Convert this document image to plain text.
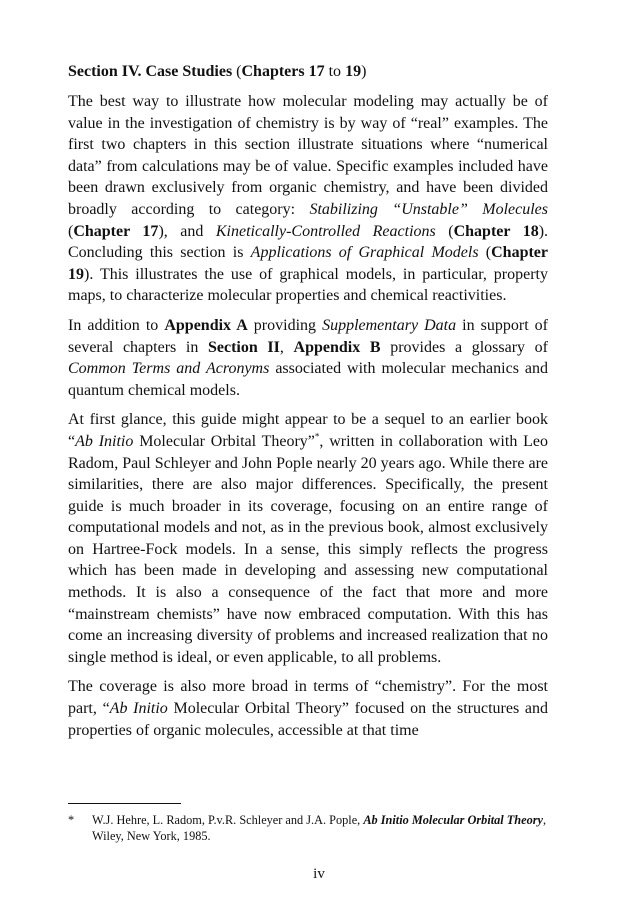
Section IV. Case Studies (Chapters 17 to 19)

The best way to illustrate how molecular modeling may actually be of value in the investigation of chemistry is by way of “real” examples. The first two chapters in this section illustrate situations where “numerical data” from calculations may be of value. Specific examples included have been drawn exclusively from organic chemistry, and have been divided broadly according to category: Stabilizing “Unstable” Molecules (Chapter 17), and Kinetically-Controlled Reactions (Chapter 18). Concluding this section is Applications of Graphical Models (Chapter 19). This illustrates the use of graphical models, in particular, property maps, to characterize molecular properties and chemical reactivities.

In addition to Appendix A providing Supplementary Data in support of several chapters in Section II, Appendix B provides a glossary of Common Terms and Acronyms associated with molecular mechanics and quantum chemical models.

At first glance, this guide might appear to be a sequel to an earlier book “Ab Initio Molecular Orbital Theory”*, written in collaboration with Leo Radom, Paul Schleyer and John Pople nearly 20 years ago. While there are similarities, there are also major differences. Specifically, the present guide is much broader in its coverage, focusing on an entire range of computational models and not, as in the previous book, almost exclusively on Hartree-Fock models. In a sense, this simply reflects the progress which has been made in developing and assessing new computational methods. It is also a consequence of the fact that more and more “mainstream chemists” have now embraced computation. With this has come an increasing diversity of problems and increased realization that no single method is ideal, or even applicable, to all problems.

The coverage is also more broad in terms of “chemistry”. For the most part, “Ab Initio Molecular Orbital Theory” focused on the structures and properties of organic molecules, accessible at that time

*	W.J. Hehre, L. Radom, P.v.R. Schleyer and J.A. Pople, Ab Initio Molecular Orbital Theory, Wiley, New York, 1985.
iv
